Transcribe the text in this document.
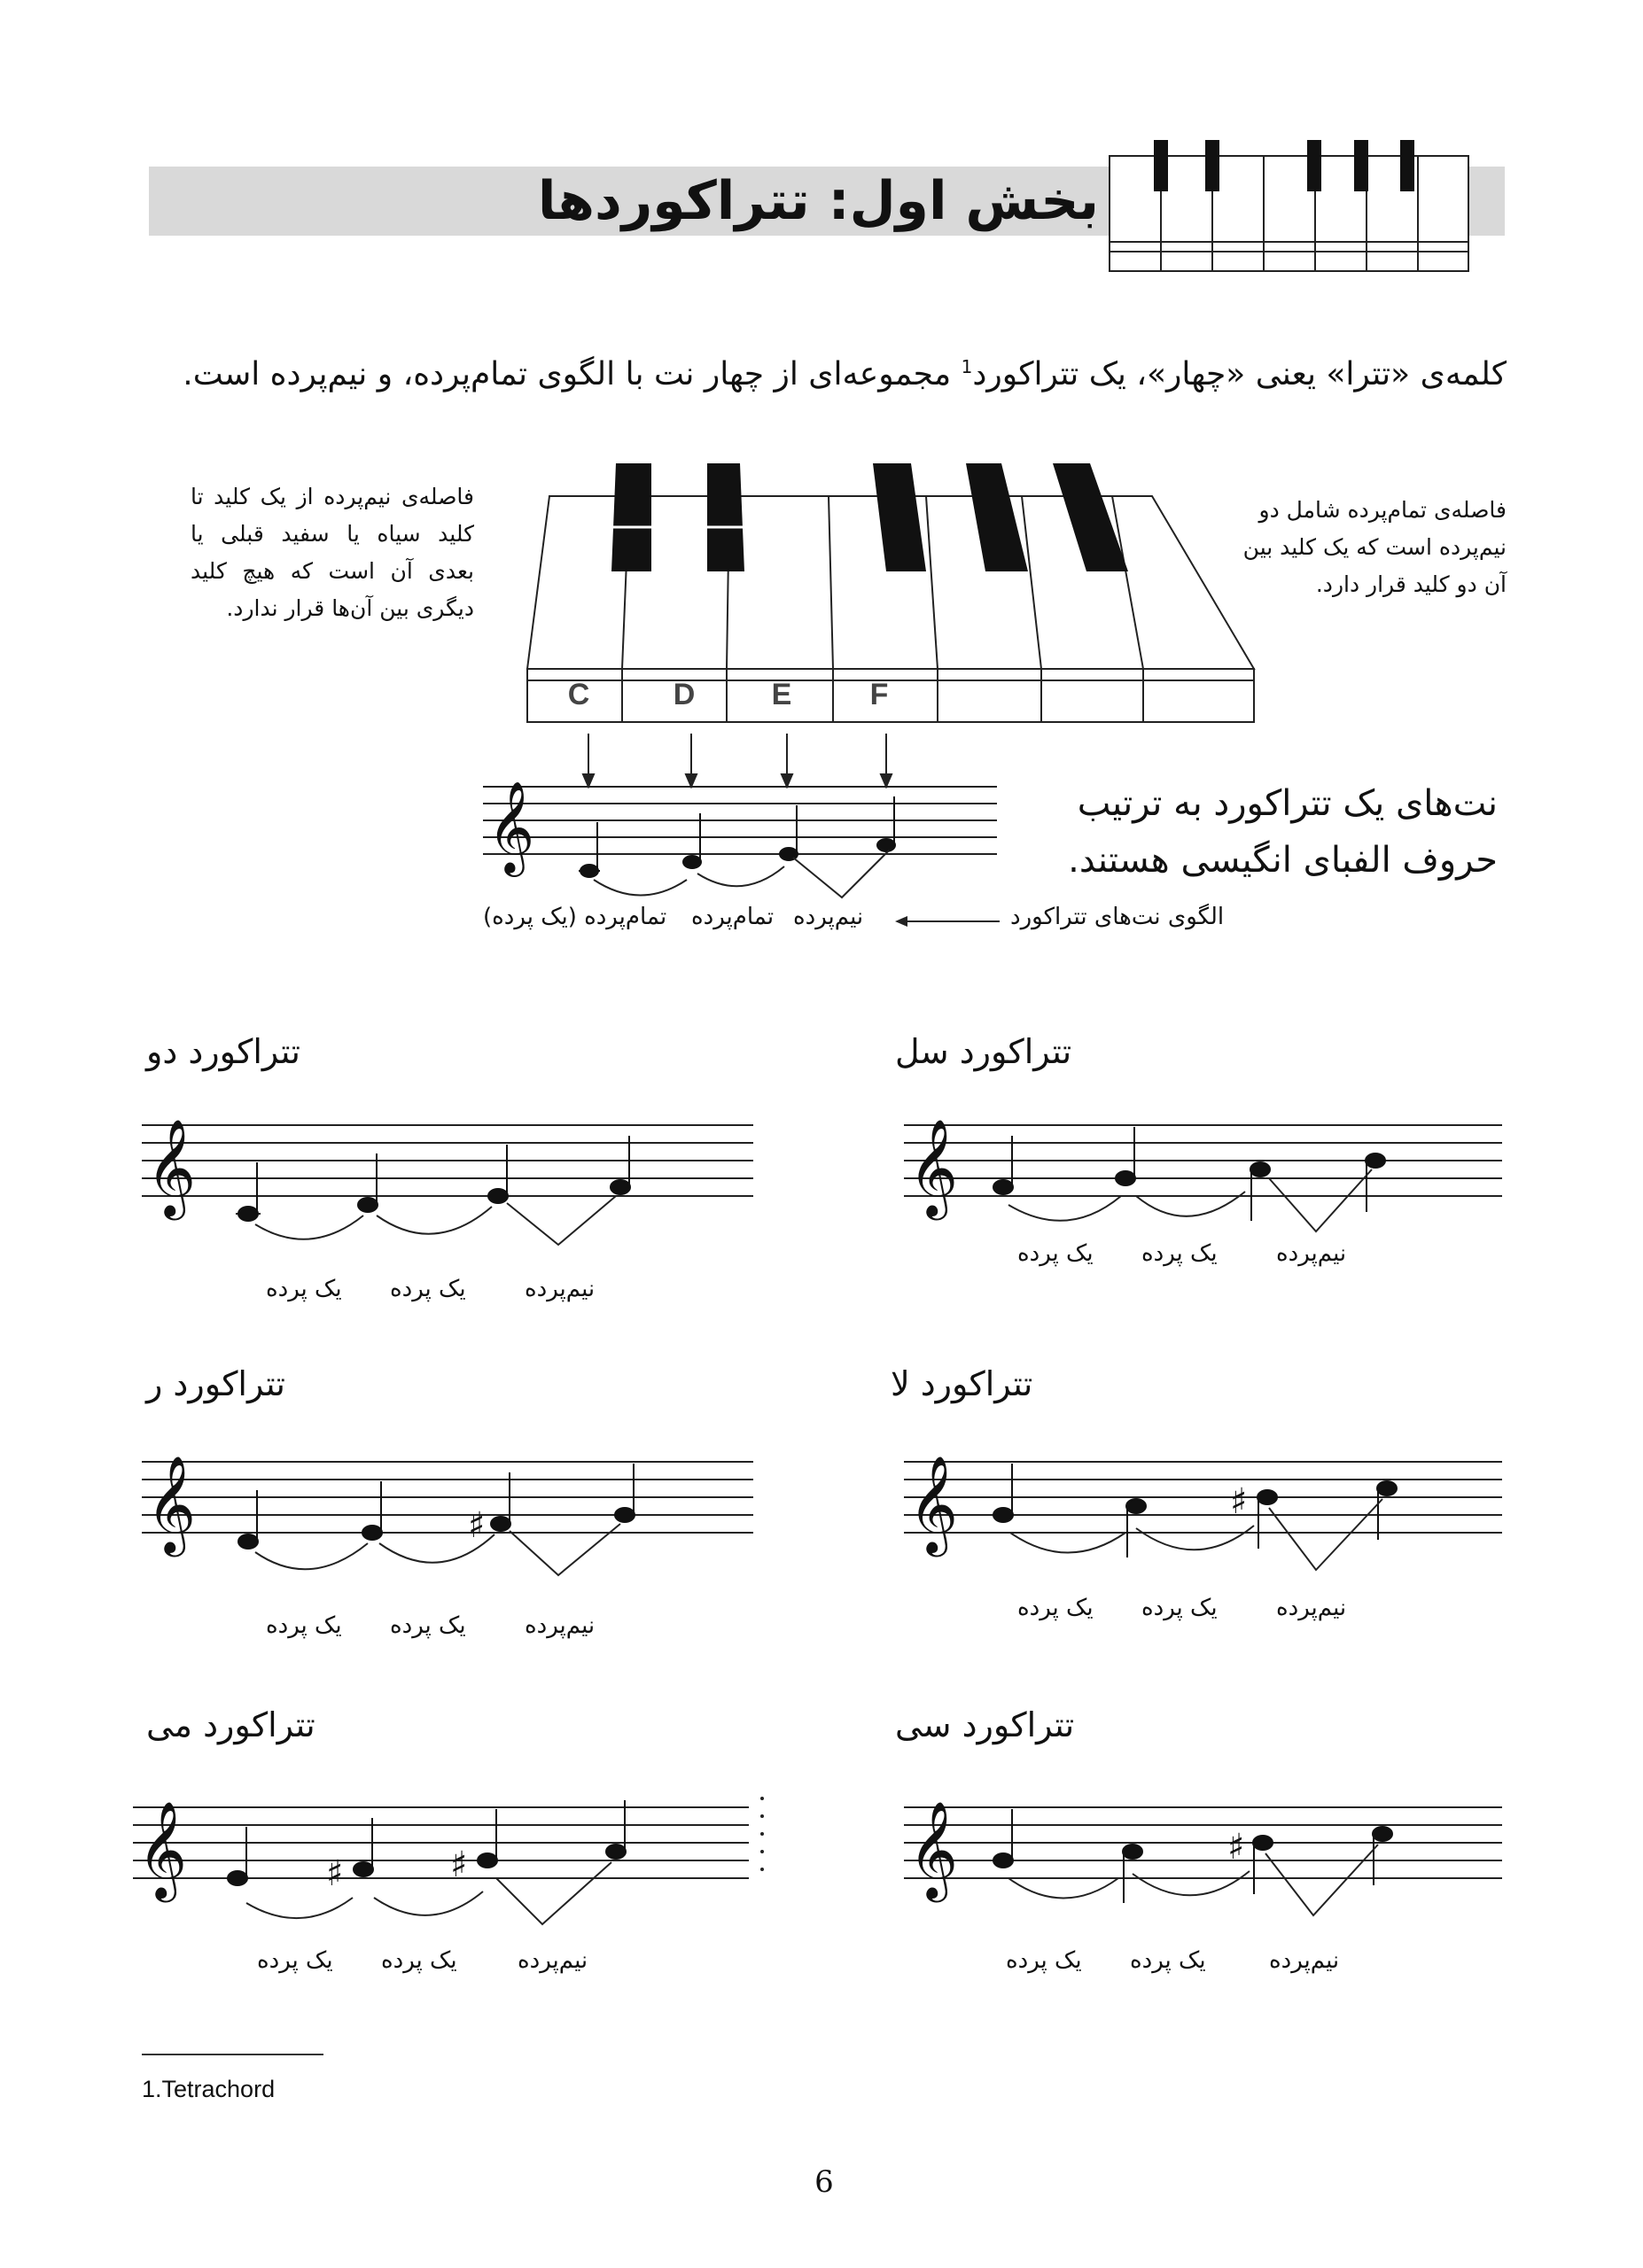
بخش اول: تتراکوردها
کلمه‌ی «تترا» یعنی «چهار»، یک تتراکورد$^1$ مجموعه‌ای از چهار نت با الگوی تمام‌پرده، و نیم‌پرده است.
فاصله‌ی نیم‌پرده از یک کلید تا کلید سیاه یا سفید قبلی یا بعدی آن است که هیچ کلید دیگری بین آن‌ها قرار ندارد.
فاصله‌ی تمام‌پرده شامل دو نیم‌پرده است که یک کلید بین آن دو کلید قرار دارد.
C	D	E	F
𝄞	نت‌های یک تتراکورد به ترتیب حروف الفبای انگیسی هستند.
الگوی نت‌های تتراکورد
نیم‌پرده
تمام‌پرده
تمام‌پرده (یک پرده)
تتراکورد دو	تتراکورد سل
تتراکورد ر	تتراکورد لا
تتراکورد می	تتراکورد سی
𝄞	𝄞
𝄞	♯	𝄞	♯
𝄞	♯	♯	𝄞	♯
یک پرده یک پرده	نیم‌پرده
یک پرده یک پرده	نیم‌پرده
یک پرده یک پرده	نیم‌پرده
یک پرده یک پرده	نیم‌پرده
یک پرده یک پرده	نیم‌پرده	یک پرده یک پرده	نیم‌پرده
1.Tetrachord
6
